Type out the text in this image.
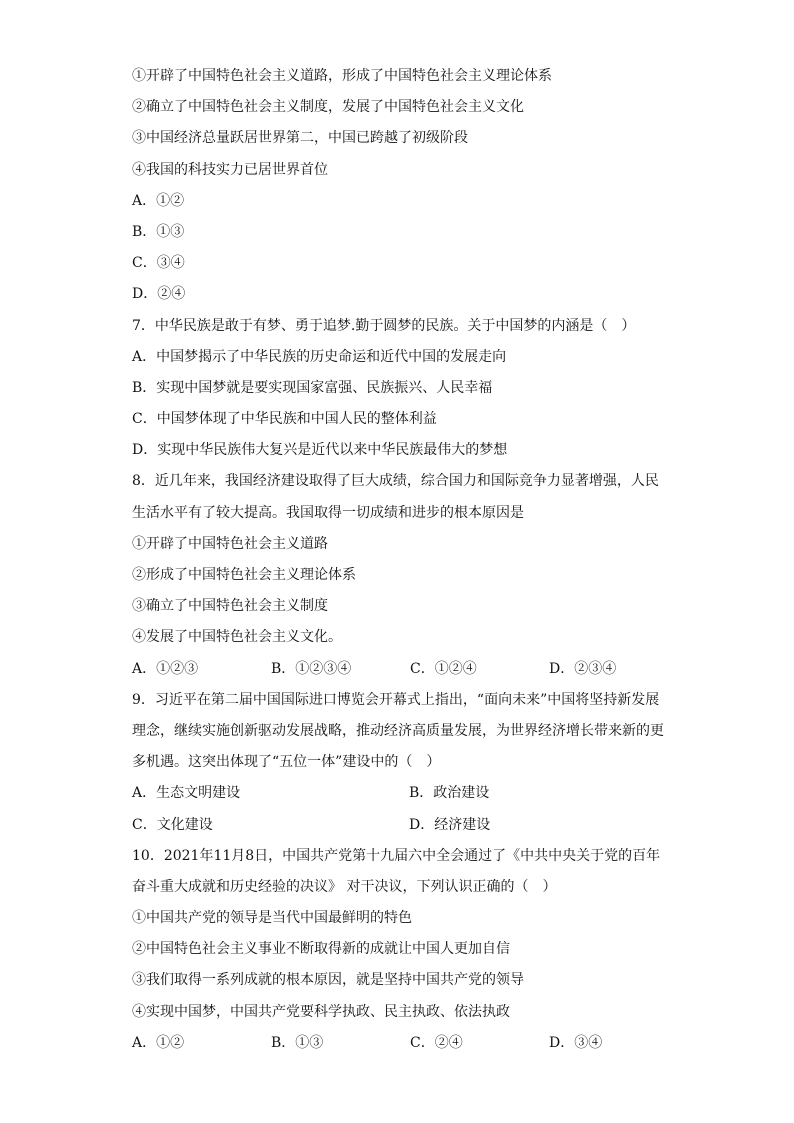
①开辟了中国特色社会主义道路，形成了中国特色社会主义理论体系
②确立了中国特色社会主义制度，发展了中国特色社会主义文化
③中国经济总量跃居世界第二，中国已跨越了初级阶段
④我国的科技实力已居世界首位
A．①②
B．①③
C．③④
D．②④
7．中华民族是敢于有梦、勇于追梦.勤于圆梦的民族。关于中国梦的内涵是（　）
A．中国梦揭示了中华民族的历史命运和近代中国的发展走向
B．实现中国梦就是要实现国家富强、民族振兴、人民幸福
C．中国梦体现了中华民族和中国人民的整体利益
D．实现中华民族伟大复兴是近代以来中华民族最伟大的梦想
8．近几年来，我国经济建设取得了巨大成绩，综合国力和国际竞争力显著增强，人民
生活水平有了较大提高。我国取得一切成绩和进步的根本原因是
①开辟了中国特色社会主义道路
②形成了中国特色社会主义理论体系
③确立了中国特色社会主义制度
④发展了中国特色社会主义文化。
A．①②③	B．①②③④	C．①②④	D．②③④
9．习近平在第二届中国国际进口博览会开幕式上指出，“面向未来”中国将坚持新发展
理念，继续实施创新驱动发展战略，推动经济高质量发展，为世界经济增长带来新的更
多机遇。这突出体现了“五位一体”建设中的（　）
A．生态文明建设	B．政治建设
C．文化建设	D．经济建设
10．2021年11月8日，中国共产党第十九届六中全会通过了《中共中央关于党的百年
奋斗重大成就和历史经验的决议》 对干决议，下列认识正确的（　）
①中国共产党的领导是当代中国最鲜明的特色
②中国特色社会主义事业不断取得新的成就让中国人更加自信
③我们取得一系列成就的根本原因，就是坚持中国共产党的领导
④实现中国梦，中国共产党要科学执政、民主执政、依法执政
A．①②	B．①③	C．②④	D．③④
